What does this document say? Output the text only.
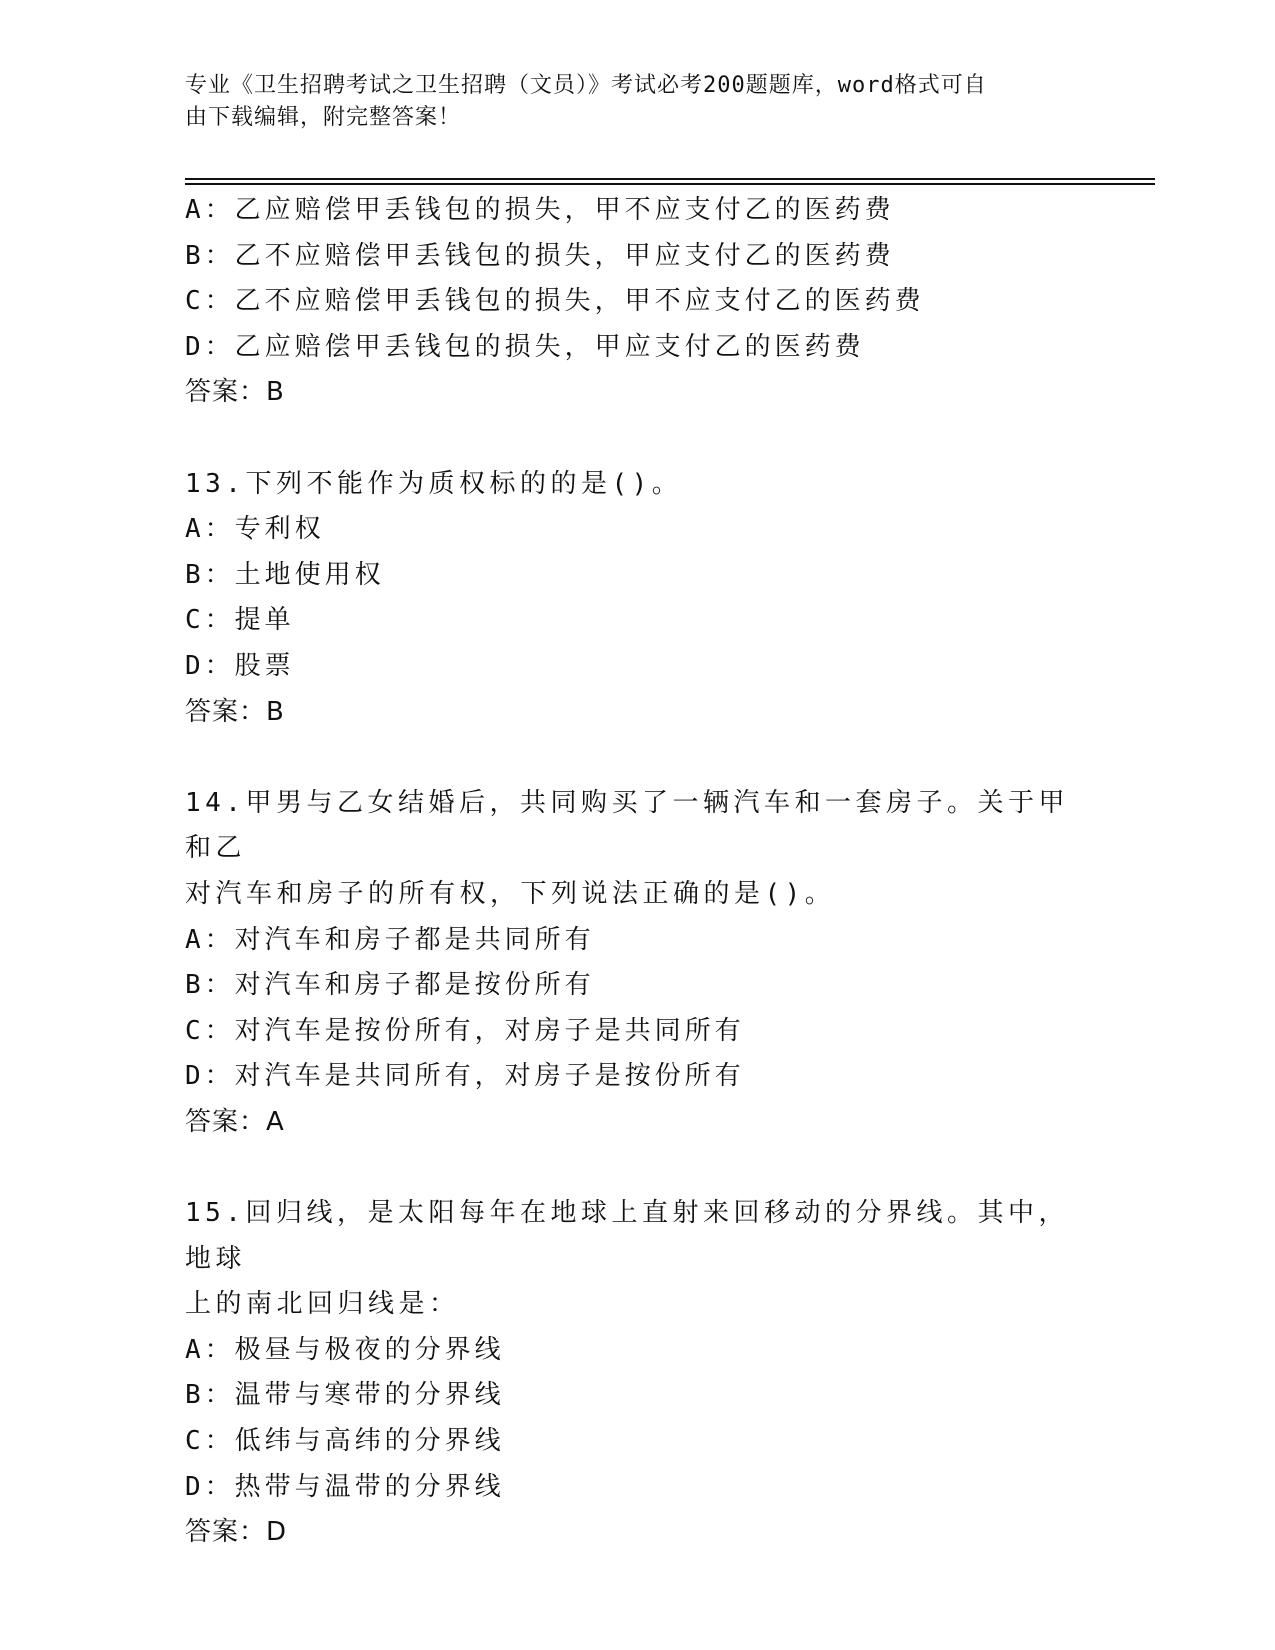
专业《卫生招聘考试之卫生招聘（文员）》考试必考200题题库，word格式可自
由下载编辑，附完整答案！
A：乙应赔偿甲丢钱包的损失，甲不应支付乙的医药费
B：乙不应赔偿甲丢钱包的损失，甲应支付乙的医药费
C：乙不应赔偿甲丢钱包的损失，甲不应支付乙的医药费
D：乙应赔偿甲丢钱包的损失，甲应支付乙的医药费
答案：B
13.下列不能作为质权标的的是()。
A：专利权
B：土地使用权
C：提单
D：股票
答案：B
14.甲男与乙女结婚后，共同购买了一辆汽车和一套房子。关于甲和乙
对汽车和房子的所有权，下列说法正确的是()。
A：对汽车和房子都是共同所有
B：对汽车和房子都是按份所有
C：对汽车是按份所有，对房子是共同所有
D：对汽车是共同所有，对房子是按份所有
答案：A
15.回归线，是太阳每年在地球上直射来回移动的分界线。其中，地球
上的南北回归线是：
A：极昼与极夜的分界线
B：温带与寒带的分界线
C：低纬与高纬的分界线
D：热带与温带的分界线
答案：D
